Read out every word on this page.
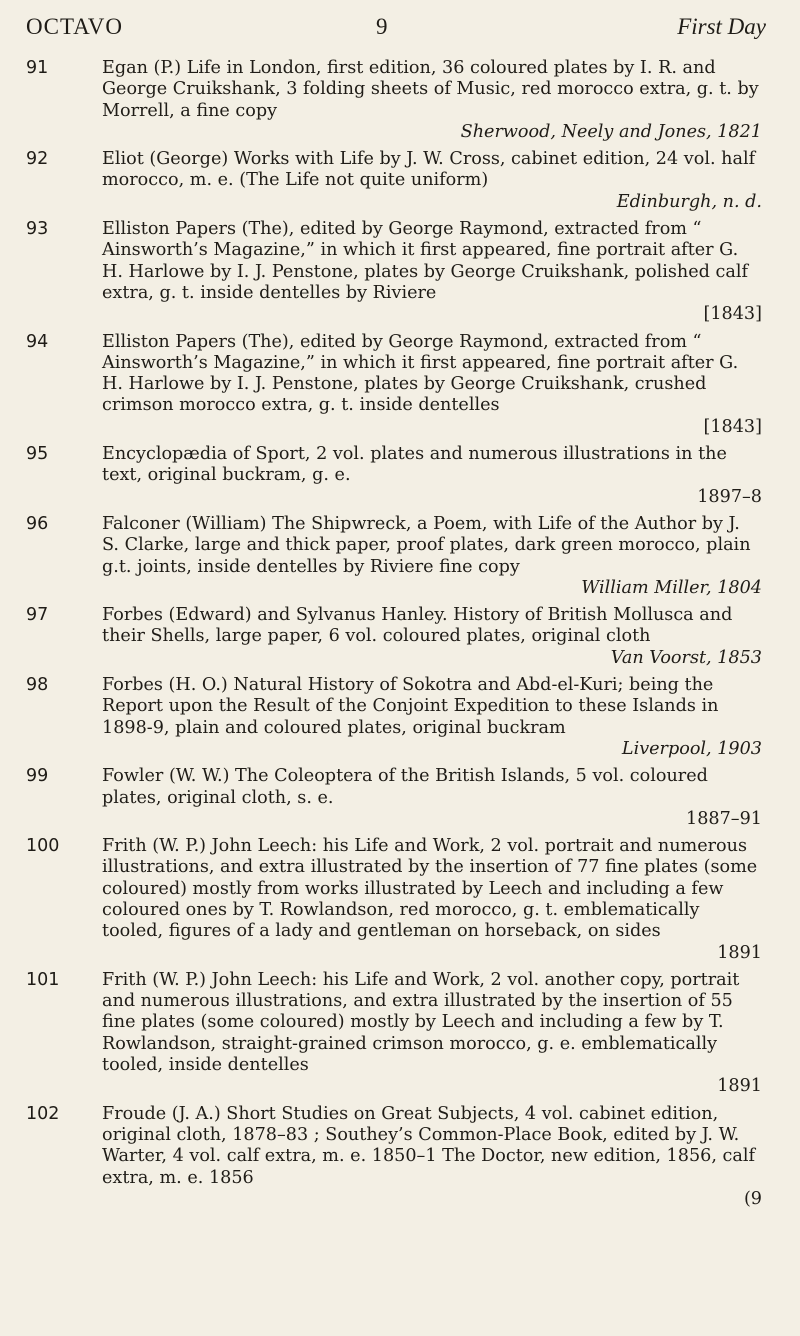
OCTAVO	9	First Day
91	Egan (P.) Life in London, first edition, 36 coloured plates by I. R. and George Cruikshank, 3 folding sheets of Music, red morocco extra, g. t. by Morrell, a fine copy
Sherwood, Neely and Jones, 1821
92	Eliot (George) Works with Life by J. W. Cross, cabinet edition, 24 vol. half morocco, m. e. (The Life not quite uniform)
Edinburgh, n. d.
93	Elliston Papers (The), edited by George Raymond, extracted from “ Ainsworth’s Magazine,” in which it first appeared, fine portrait after G. H. Harlowe by I. J. Penstone, plates by George Cruikshank, polished calf extra, g. t. inside dentelles by Riviere
[1843]
94	Elliston Papers (The), edited by George Raymond, extracted from “ Ainsworth’s Magazine,” in which it first appeared, fine portrait after G. H. Harlowe by I. J. Penstone, plates by George Cruikshank, crushed crimson morocco extra, g. t. inside dentelles
[1843]
95	Encyclopædia of Sport, 2 vol. plates and numerous illustrations in the text, original buckram, g. e.
1897–8
96	Falconer (William) The Shipwreck, a Poem, with Life of the Author by J. S. Clarke, large and thick paper, proof plates, dark green morocco, plain g.t. joints, inside dentelles by Riviere fine copy
William Miller, 1804
97	Forbes (Edward) and Sylvanus Hanley. History of British Mollusca and their Shells, large paper, 6 vol. coloured plates, original cloth
Van Voorst, 1853
98	Forbes (H. O.) Natural History of Sokotra and Abd-el-Kuri; being the Report upon the Result of the Conjoint Expedition to these Islands in 1898-9, plain and coloured plates, original buckram
Liverpool, 1903
99	Fowler (W. W.) The Coleoptera of the British Islands, 5 vol. coloured plates, original cloth, s. e.
1887–91
100	Frith (W. P.) John Leech: his Life and Work, 2 vol. portrait and numerous illustrations, and extra illustrated by the insertion of 77 fine plates (some coloured) mostly from works illustrated by Leech and including a few coloured ones by T. Rowlandson, red morocco, g. t. emblematically tooled, figures of a lady and gentleman on horseback, on sides
1891
101	Frith (W. P.) John Leech: his Life and Work, 2 vol. another copy, portrait and numerous illustrations, and extra illustrated by the insertion of 55 fine plates (some coloured) mostly by Leech and including a few by T. Rowlandson, straight-grained crimson morocco, g. e. emblematically tooled, inside dentelles
1891
102	Froude (J. A.) Short Studies on Great Subjects, 4 vol. cabinet edition, original cloth, 1878–83 ; Southey’s Common-Place Book, edited by J. W. Warter, 4 vol. calf extra, m. e. 1850–1 The Doctor, new edition, 1856, calf extra, m. e. 1856
(9
